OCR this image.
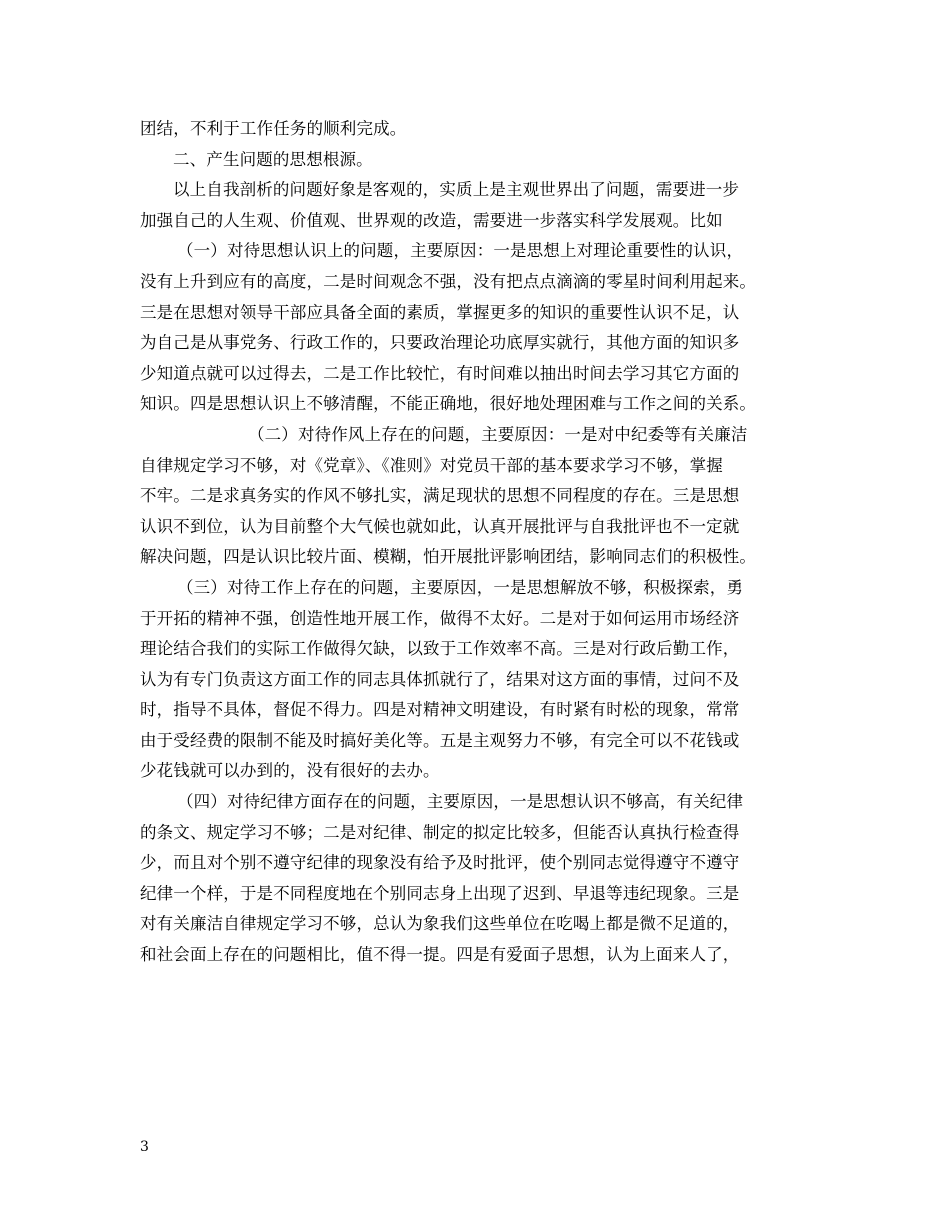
团结，不利于工作任务的顺利完成。
二、产生问题的思想根源。
以上自我剖析的问题好象是客观的，实质上是主观世界出了问题，需要进一步
加强自己的人生观、价值观、世界观的改造，需要进一步落实科学发展观。比如
（一）对待思想认识上的问题，主要原因：一是思想上对理论重要性的认识，
没有上升到应有的高度，二是时间观念不强，没有把点点滴滴的零星时间利用起来。
三是在思想对领导干部应具备全面的素质，掌握更多的知识的重要性认识不足，认
为自己是从事党务、行政工作的，只要政治理论功底厚实就行，其他方面的知识多
少知道点就可以过得去，二是工作比较忙，有时间难以抽出时间去学习其它方面的
知识。四是思想认识上不够清醒，不能正确地，很好地处理困难与工作之间的关系。
（二）对待作风上存在的问题，主要原因：一是对中纪委等有关廉洁
自律规定学习不够，对《党章》、《准则》对党员干部的基本要求学习不够，掌握
不牢。二是求真务实的作风不够扎实，满足现状的思想不同程度的存在。三是思想
认识不到位，认为目前整个大气候也就如此，认真开展批评与自我批评也不一定就
解决问题，四是认识比较片面、模糊，怕开展批评影响团结，影响同志们的积极性。
（三）对待工作上存在的问题，主要原因，一是思想解放不够，积极探索，勇
于开拓的精神不强，创造性地开展工作，做得不太好。二是对于如何运用市场经济
理论结合我们的实际工作做得欠缺，以致于工作效率不高。三是对行政后勤工作，
认为有专门负责这方面工作的同志具体抓就行了，结果对这方面的事情，过问不及
时，指导不具体，督促不得力。四是对精神文明建设，有时紧有时松的现象，常常
由于受经费的限制不能及时搞好美化等。五是主观努力不够，有完全可以不花钱或
少花钱就可以办到的，没有很好的去办。
（四）对待纪律方面存在的问题，主要原因，一是思想认识不够高，有关纪律
的条文、规定学习不够；二是对纪律、制定的拟定比较多，但能否认真执行检查得
少，而且对个别不遵守纪律的现象没有给予及时批评，使个别同志觉得遵守不遵守
纪律一个样，于是不同程度地在个别同志身上出现了迟到、早退等违纪现象。三是
对有关廉洁自律规定学习不够，总认为象我们这些单位在吃喝上都是微不足道的，
和社会面上存在的问题相比，值不得一提。四是有爱面子思想，认为上面来人了，
3
